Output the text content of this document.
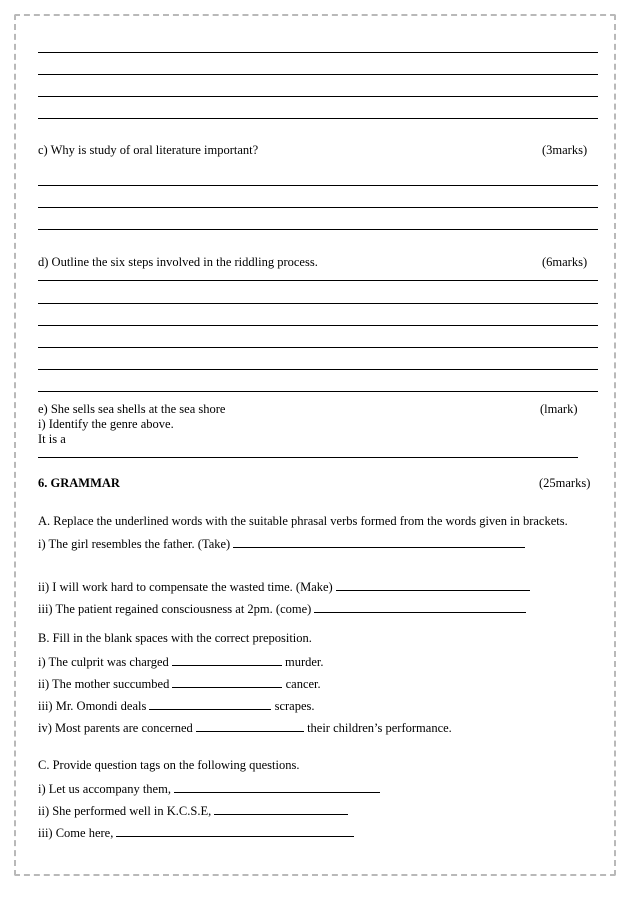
c) Why is study of oral literature important?	(3marks)
d) Outline the six steps involved in the riddling process.	(6marks)
e) She sells sea shells at the sea shore	(lmark)
i) Identify the genre above.
It is a
6. GRAMMAR	(25marks)
A. Replace the underlined words with the suitable phrasal verbs formed from the words given in brackets.
i) The girl resembles the father. (Take)
ii) I will work hard to compensate the wasted time. (Make)
iii) The patient regained consciousness at 2pm. (come)
B. Fill in the blank spaces with the correct preposition.
i) The culprit was charged	murder.
ii) The mother succumbed	cancer.
iii) Mr. Omondi deals	scrapes.
iv) Most parents are concerned	their children’s performance.
C. Provide question tags on the following questions.
i) Let us accompany them,
ii) She performed well in K.C.S.E,
iii) Come here,
